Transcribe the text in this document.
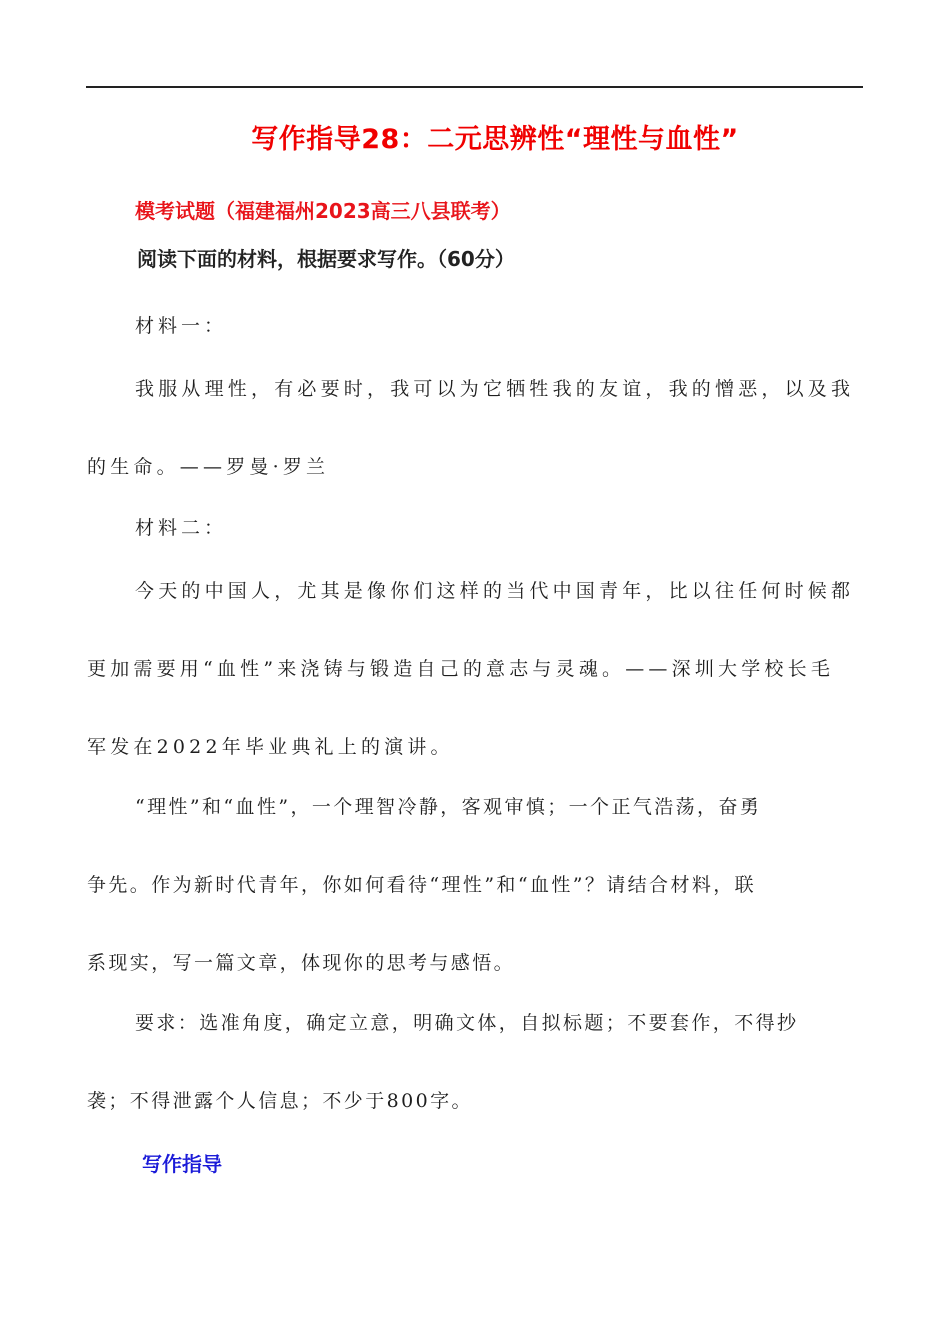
写作指导28：二元思辨性“理性与血性”
模考试题（福建福州2023高三八县联考）
阅读下面的材料，根据要求写作。（60分）
材料一：
我服从理性，有必要时，我可以为它牺牲我的友谊，我的憎恶，以及我
的生命。——罗曼·罗兰
材料二：
今天的中国人，尤其是像你们这样的当代中国青年，比以往任何时候都
更加需要用“血性”来浇铸与锻造自己的意志与灵魂。——深圳大学校长毛
军发在2022年毕业典礼上的演讲。
“理性”和“血性”，一个理智冷静，客观审慎；一个正气浩荡，奋勇
争先。作为新时代青年，你如何看待“理性”和“血性”？请结合材料，联
系现实，写一篇文章，体现你的思考与感悟。
要求：选准角度，确定立意，明确文体，自拟标题；不要套作，不得抄
袭；不得泄露个人信息；不少于800字。
写作指导
